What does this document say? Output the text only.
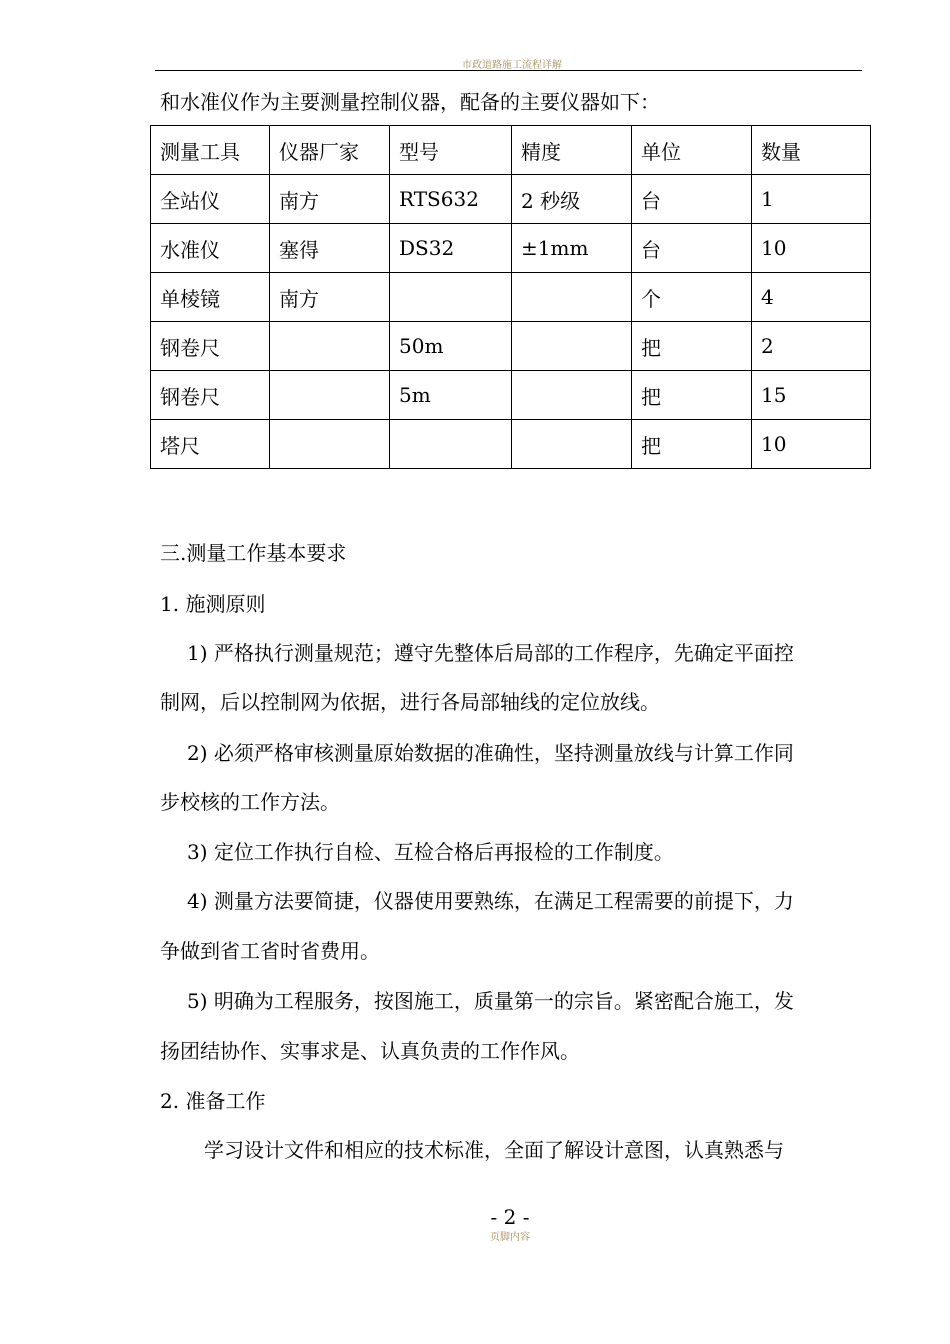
市政道路施工流程详解
和水准仪作为主要测量控制仪器，配备的主要仪器如下：
测量工具	仪器厂家	型号	精度	单位	数量
全站仪	南方	RTS632	2 秒级	台	1
水准仪	塞得	DS32	±1mm	台	10
单棱镜	南方			个	4
钢卷尺		50m		把	2
钢卷尺		5m		把	15
塔尺				把	10
三.测量工作基本要求
1. 施测原则
1) 严格执行测量规范；遵守先整体后局部的工作程序，先确定平面控
制网，后以控制网为依据，进行各局部轴线的定位放线。
2) 必须严格审核测量原始数据的准确性，坚持测量放线与计算工作同
步校核的工作方法。
3) 定位工作执行自检、互检合格后再报检的工作制度。
4) 测量方法要简捷，仪器使用要熟练，在满足工程需要的前提下，力
争做到省工省时省费用。
5) 明确为工程服务，按图施工，质量第一的宗旨。紧密配合施工，发
扬团结协作、实事求是、认真负责的工作作风。
2. 准备工作
学习设计文件和相应的技术标准，全面了解设计意图，认真熟悉与
- 2 -
页脚内容
